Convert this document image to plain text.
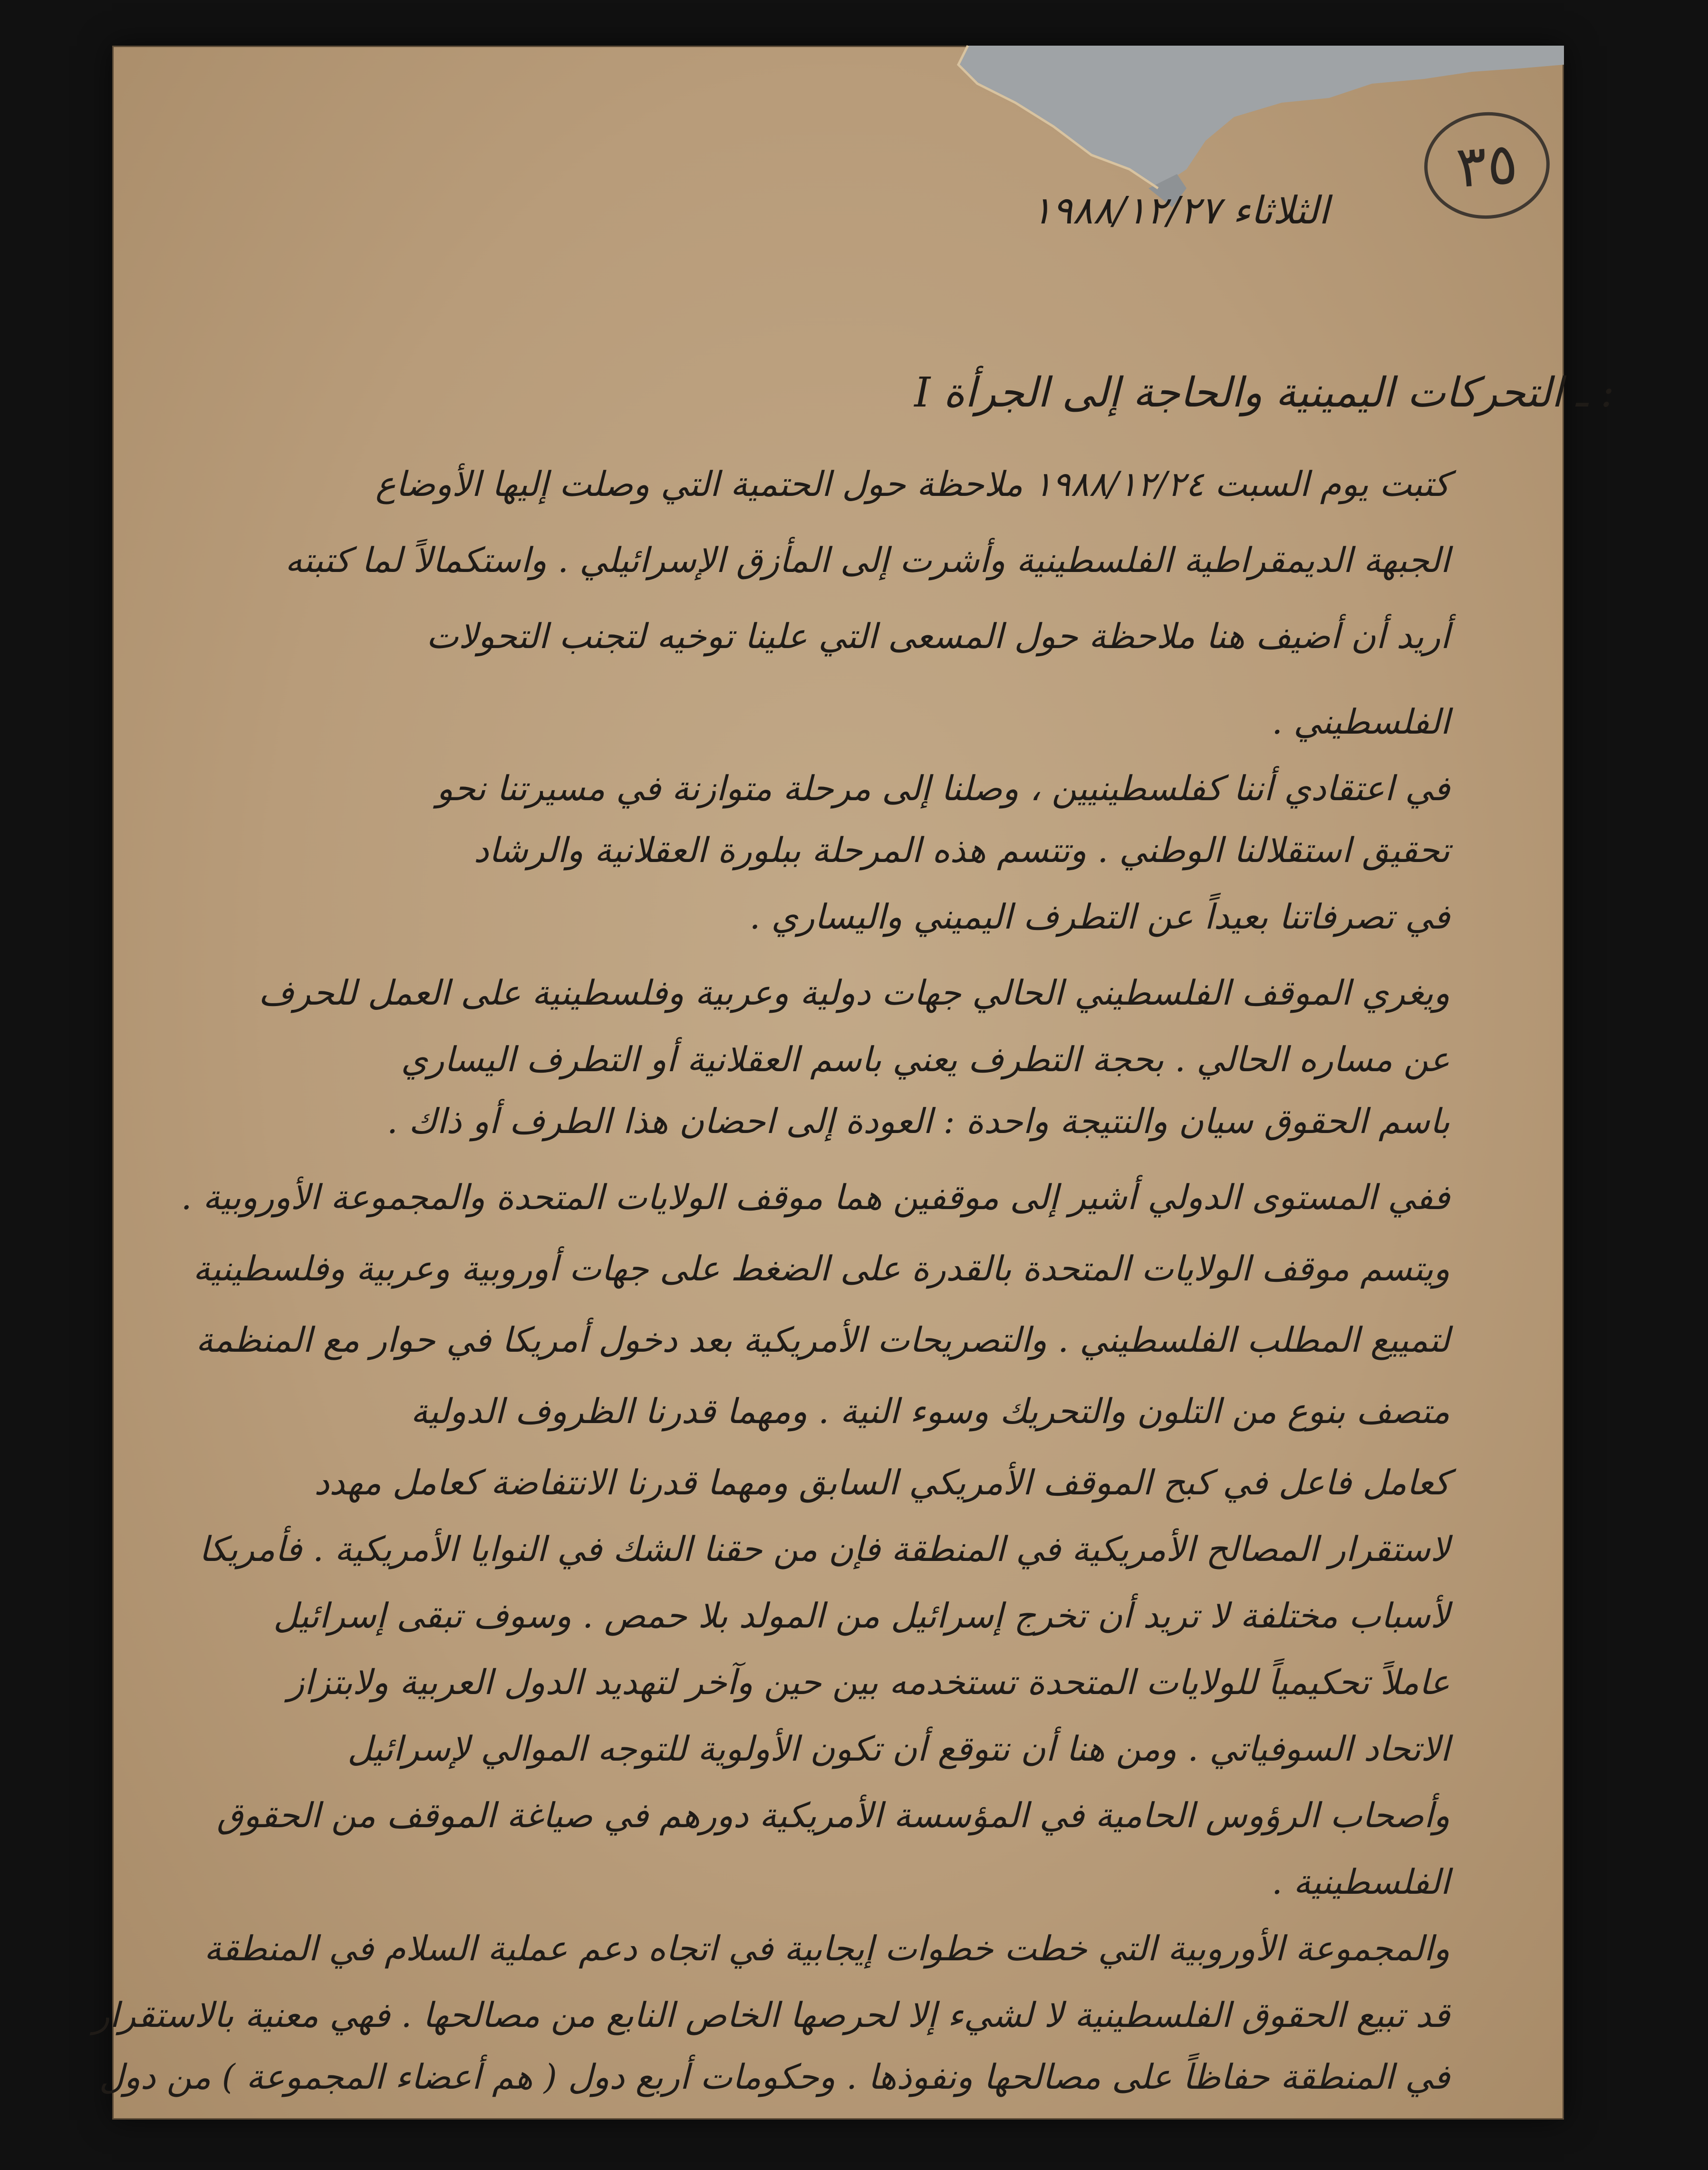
٣٥
الثلاثاء ١٩٨٨/١٢/٢٧
I ـ التحركات اليمينية والحاجة إلى الجرأة :
كتبت يوم السبت ١٩٨٨/١٢/٢٤ ملاحظة حول الحتمية التي وصلت إليها الأوضاع
الجبهة الديمقراطية الفلسطينية وأشرت إلى المأزق الإسرائيلي . واستكمالاً لما كتبته
أريد أن أضيف هنا ملاحظة حول المسعى التي علينا توخيه لتجنب التحولات
الفلسطيني .
في اعتقادي أننا كفلسطينيين ، وصلنا إلى مرحلة متوازنة في مسيرتنا نحو
تحقيق استقلالنا الوطني . وتتسم هذه المرحلة ببلورة العقلانية والرشاد
في تصرفاتنا بعيداً عن التطرف اليميني واليساري .
ويغري الموقف الفلسطيني الحالي جهات دولية وعربية وفلسطينية على العمل للحرف
عن مساره الحالي . بحجة التطرف يعني باسم العقلانية أو التطرف اليساري
باسم الحقوق سيان والنتيجة واحدة : العودة إلى احضان هذا الطرف أو ذاك .
ففي المستوى الدولي أشير إلى موقفين هما موقف الولايات المتحدة والمجموعة الأوروبية .
ويتسم موقف الولايات المتحدة بالقدرة على الضغط على جهات أوروبية وعربية وفلسطينية
لتمييع المطلب الفلسطيني . والتصريحات الأمريكية بعد دخول أمريكا في حوار مع المنظمة
متصف بنوع من التلون والتحريك وسوء النية . ومهما قدرنا الظروف الدولية
كعامل فاعل في كبح الموقف الأمريكي السابق ومهما قدرنا الانتفاضة كعامل مهدد
لاستقرار المصالح الأمريكية في المنطقة فإن من حقنا الشك في النوايا الأمريكية . فأمريكا
لأسباب مختلفة لا تريد أن تخرج إسرائيل من المولد بلا حمص . وسوف تبقى إسرائيل
عاملاً تحكيمياً للولايات المتحدة تستخدمه بين حين وآخر لتهديد الدول العربية ولابتزاز
الاتحاد السوفياتي . ومن هنا أن نتوقع أن تكون الأولوية للتوجه الموالي لإسرائيل
وأصحاب الرؤوس الحامية في المؤسسة الأمريكية دورهم في صياغة الموقف من الحقوق
الفلسطينية .
والمجموعة الأوروبية التي خطت خطوات إيجابية في اتجاه دعم عملية السلام في المنطقة
قد تبيع الحقوق الفلسطينية لا لشيء إلا لحرصها الخاص النابع من مصالحها . فهي معنية بالاستقرار
في المنطقة حفاظاً على مصالحها ونفوذها . وحكومات أربع دول ( هم أعضاء المجموعة ) من دول
